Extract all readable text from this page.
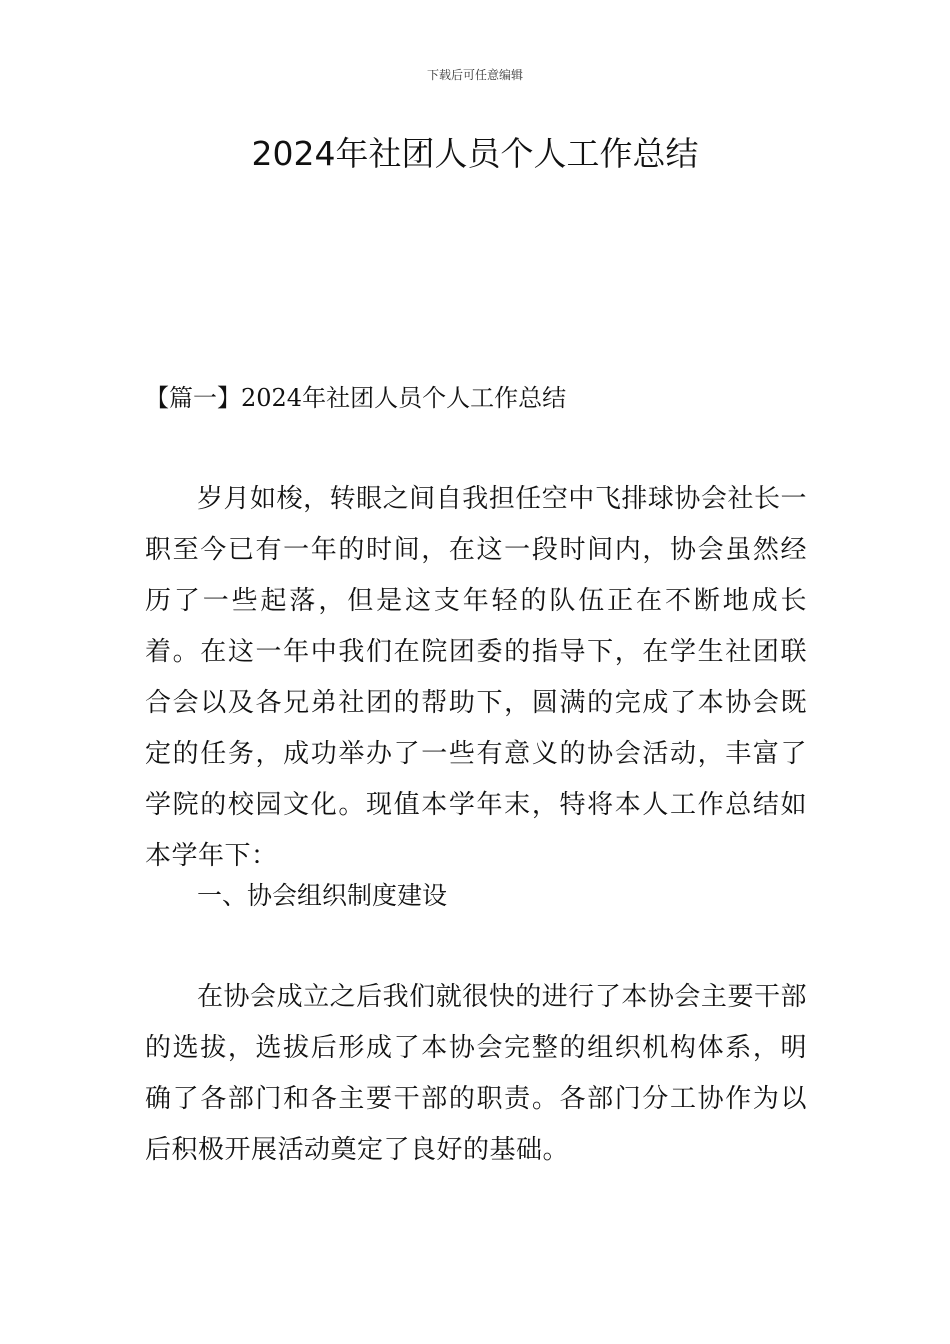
下载后可任意编辑
2024年社团人员个人工作总结
【篇一】2024年社团人员个人工作总结

岁月如梭，转眼之间自我担任空中飞排球协会社长一职至今已有一年的时间，在这一段时间内，协会虽然经历了一些起落，但是这支年轻的队伍正在不断地成长着。在这一年中我们在院团委的指导下，在学生社团联合会以及各兄弟社团的帮助下，圆满的完成了本协会既定的任务，成功举办了一些有意义的协会活动，丰富了学院的校园文化。现值本学年末，特将本人工作总结如本学年下：

一、协会组织制度建设

在协会成立之后我们就很快的进行了本协会主要干部的选拔，选拔后形成了本协会完整的组织机构体系，明确了各部门和各主要干部的职责。各部门分工协作为以后积极开展活动奠定了良好的基础。
